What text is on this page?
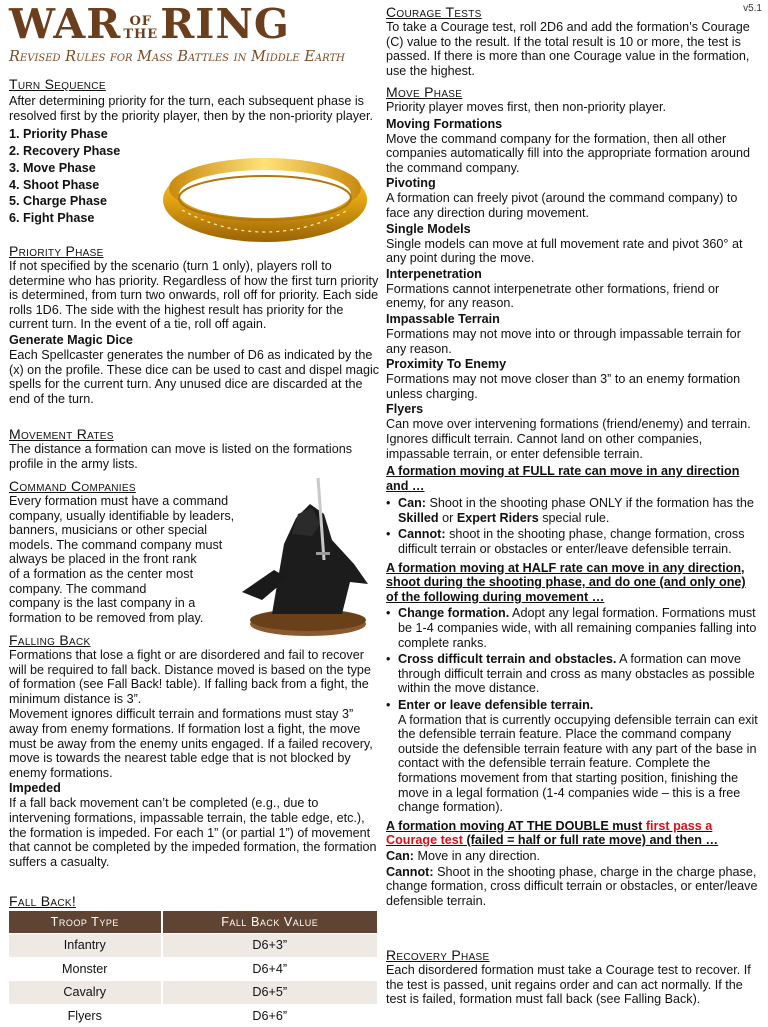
WAR OF
THERING
Revised Rules for Mass Battles in Middle Earth
v5.1

Turn Sequence

After determining priority for the turn, each subsequent phase is resolved first by the priority player, then by the non-priority player.

1. Priority Phase
2. Recovery Phase
3. Move Phase
4. Shoot Phase
5. Charge Phase
6. Fight Phase

Priority Phase

If not specified by the scenario (turn 1 only), players roll to determine who has priority. Regardless of how the first turn priority is determined, from turn two onwards, roll off for priority. Each side rolls 1D6. The side with the highest result has priority for the current turn. In the event of a tie, roll off again.

Generate Magic Dice

Each Spellcaster generates the number of D6 as indicated by the (x) on the profile. These dice can be used to cast and dispel magic spells for the current turn. Any unused dice are discarded at the end of the turn.

Movement Rates

The distance a formation can move is listed on the formations profile in the army lists.

Command Companies

Every formation must have a command

company, usually identifiable by leaders,

banners, musicians or other special

models. The command company must

always be placed in the front rank

of a formation as the center most

company. The command

company is the last company in a

formation to be removed from play.

Falling Back

Formations that lose a fight or are disordered and fail to recover will be required to fall back. Distance moved is based on the type of formation (see Fall Back! table). If falling back from a fight, the minimum distance is 3”.

Movement ignores difficult terrain and formations must stay 3” away from enemy formations. If formation lost a fight, the move must be away from the enemy units engaged. If a failed recovery, move is towards the nearest table edge that is not blocked by enemy formations.

Impeded

If a fall back movement can’t be completed (e.g., due to intervening formations, impassable terrain, the table edge, etc.), the formation is impeded. For each 1” (or partial 1”) of movement that cannot be completed by the impeded formation, the formation suffers a casualty.

Fall Back!

Troop Type	Fall Back Value
Infantry	D6+3”
Monster	D6+4”
Cavalry	D6+5”
Flyers	D6+6”

Courage Tests

To take a Courage test, roll 2D6 and add the formation’s Courage (C) value to the result. If the total result is 10 or more, the test is passed. If there is more than one Courage value in the formation, use the highest.

Move Phase

Priority player moves first, then non-priority player.

Moving Formations

Move the command company for the formation, then all other companies automatically fill into the appropriate formation around the command company.

Pivoting

A formation can freely pivot (around the command company) to face any direction during movement.

Single Models

Single models can move at full movement rate and pivot 360° at any point during the move.

Interpenetration

Formations cannot interpenetrate other formations, friend or enemy, for any reason.

Impassable Terrain

Formations may not move into or through impassable terrain for any reason.

Proximity To Enemy

Formations may not move closer than 3” to an enemy formation unless charging.

Flyers

Can move over intervening formations (friend/enemy) and terrain. Ignores difficult terrain. Cannot land on other companies, impassable terrain, or enter defensible terrain.

A formation moving at FULL rate can move in any direction and …

• Can: Shoot in the shooting phase ONLY if the formation has the Skilled or Expert Riders special rule.
• Cannot: shoot in the shooting phase, change formation, cross difficult terrain or obstacles or enter/leave defensible terrain.

A formation moving at HALF rate can move in any direction, shoot during the shooting phase, and do one (and only one) of the following during movement …

• Change formation. Adopt any legal formation. Formations must be 1-4 companies wide, with all remaining companies falling into complete ranks.
• Cross difficult terrain and obstacles. A formation can move through difficult terrain and cross as many obstacles as possible within the move distance.
• Enter or leave defensible terrain.
A formation that is currently occupying defensible terrain can exit the defensible terrain feature. Place the command company outside the defensible terrain feature with any part of the base in contact with the defensible terrain feature. Complete the formations movement from that starting position, finishing the move in a legal formation (1-4 companies wide – this is a free change formation).

A formation moving AT THE DOUBLE must first pass a Courage test (failed = half or full rate move) and then …

Can: Move in any direction.

Cannot: Shoot in the shooting phase, charge in the charge phase, change formation, cross difficult terrain or obstacles, or enter/leave defensible terrain.

Recovery Phase

Each disordered formation must take a Courage test to recover. If the test is passed, unit regains order and can act normally. If the test is failed, formation must fall back (see Falling Back).
